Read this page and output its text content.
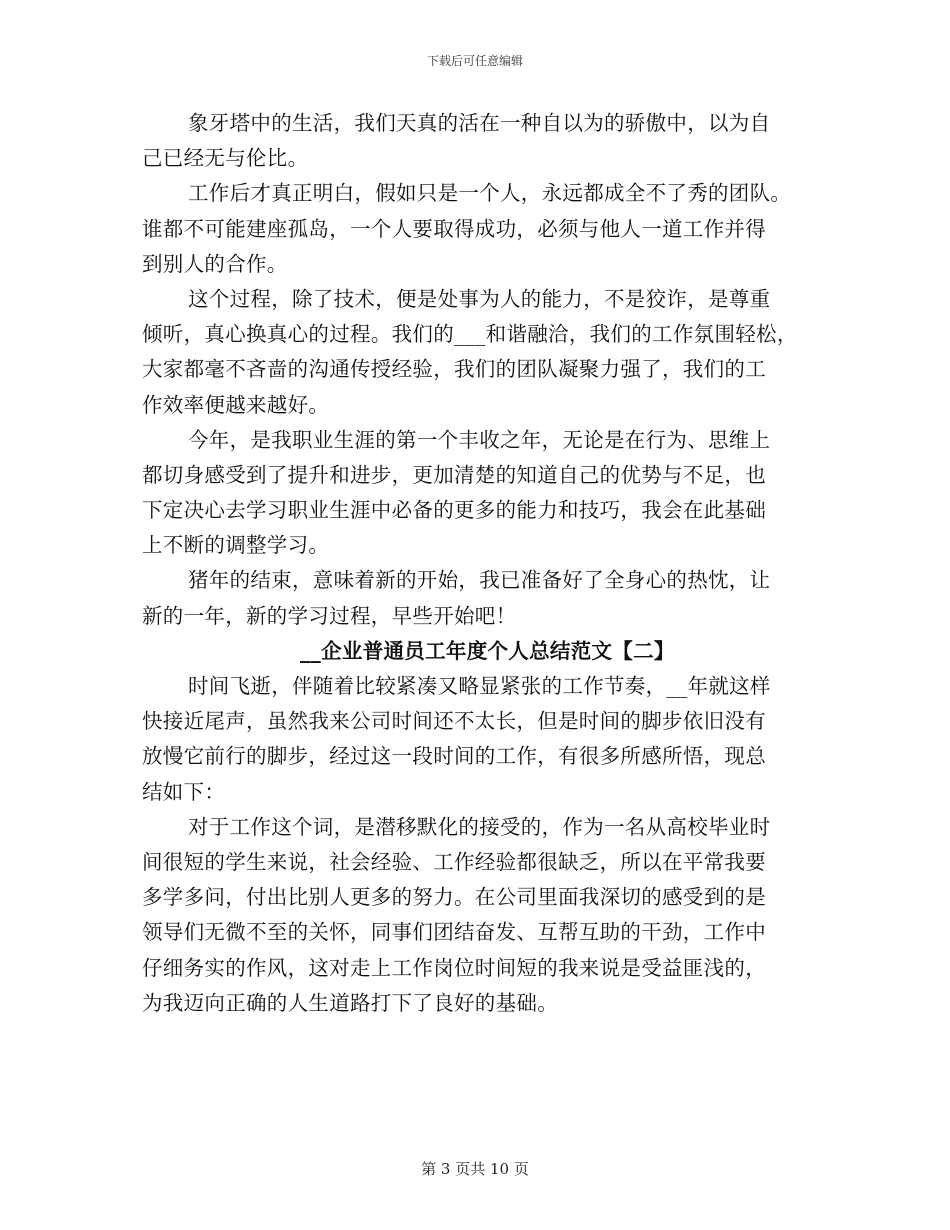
下载后可任意编辑
象牙塔中的生活，我们天真的活在一种自以为的骄傲中，以为自
己已经无与伦比。
工作后才真正明白，假如只是一个人，永远都成全不了秀的团队。
谁都不可能建座孤岛，一个人要取得成功，必须与他人一道工作并得
到别人的合作。
这个过程，除了技术，便是处事为人的能力，不是狡诈，是尊重
倾听，真心换真心的过程。我们的___和谐融洽，我们的工作氛围轻松，
大家都毫不吝啬的沟通传授经验，我们的团队凝聚力强了，我们的工
作效率便越来越好。
今年，是我职业生涯的第一个丰收之年，无论是在行为、思维上
都切身感受到了提升和进步，更加清楚的知道自己的优势与不足，也
下定决心去学习职业生涯中必备的更多的能力和技巧，我会在此基础
上不断的调整学习。
猪年的结束，意味着新的开始，我已准备好了全身心的热忱，让
新的一年，新的学习过程，早些开始吧！
__企业普通员工年度个人总结范文【二】
时间飞逝，伴随着比较紧凑又略显紧张的工作节奏，__年就这样
快接近尾声，虽然我来公司时间还不太长，但是时间的脚步依旧没有
放慢它前行的脚步，经过这一段时间的工作，有很多所感所悟，现总
结如下：
对于工作这个词，是潜移默化的接受的，作为一名从高校毕业时
间很短的学生来说，社会经验、工作经验都很缺乏，所以在平常我要
多学多问，付出比别人更多的努力。在公司里面我深切的感受到的是
领导们无微不至的关怀，同事们团结奋发、互帮互助的干劲，工作中
仔细务实的作风，这对走上工作岗位时间短的我来说是受益匪浅的，
为我迈向正确的人生道路打下了良好的基础。
第 3 页共 10 页
